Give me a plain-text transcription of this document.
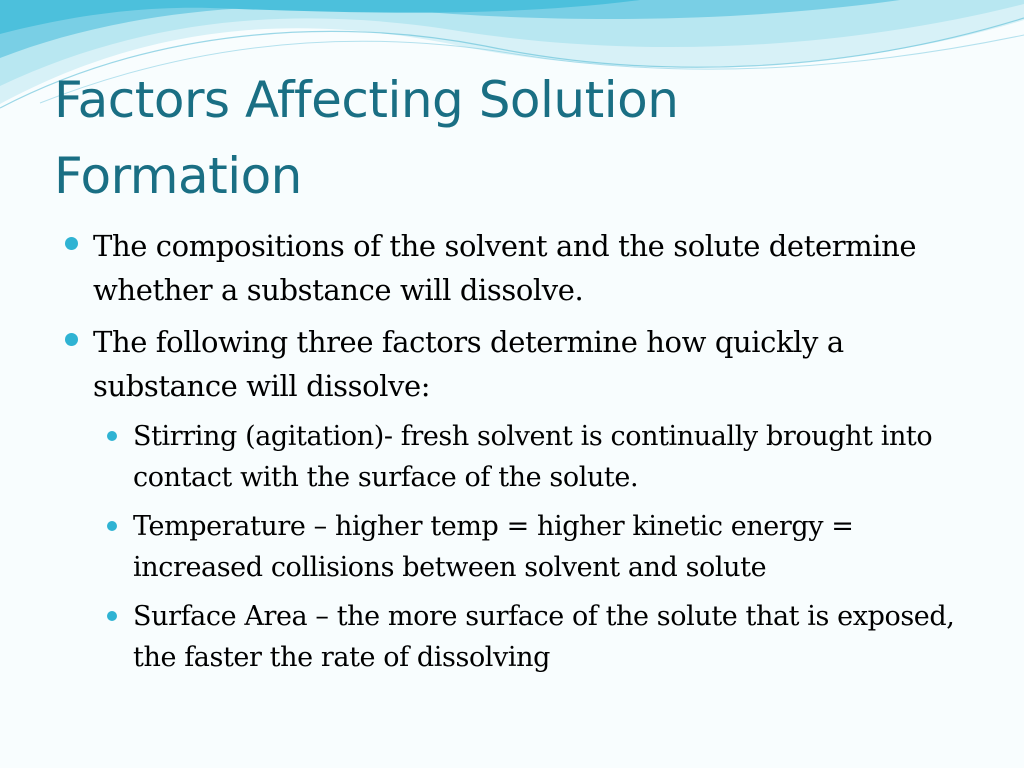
Factors Affecting Solution
Formation
The compositions of the solvent and the solute determine whether a substance will dissolve.
The following three factors determine how quickly a substance will dissolve:
Stirring (agitation)- fresh solvent is continually brought into contact with the surface of the solute.
Temperature – higher temp = higher kinetic energy = increased collisions between solvent and solute
Surface Area – the more surface of the solute that is exposed, the faster the rate of dissolving
